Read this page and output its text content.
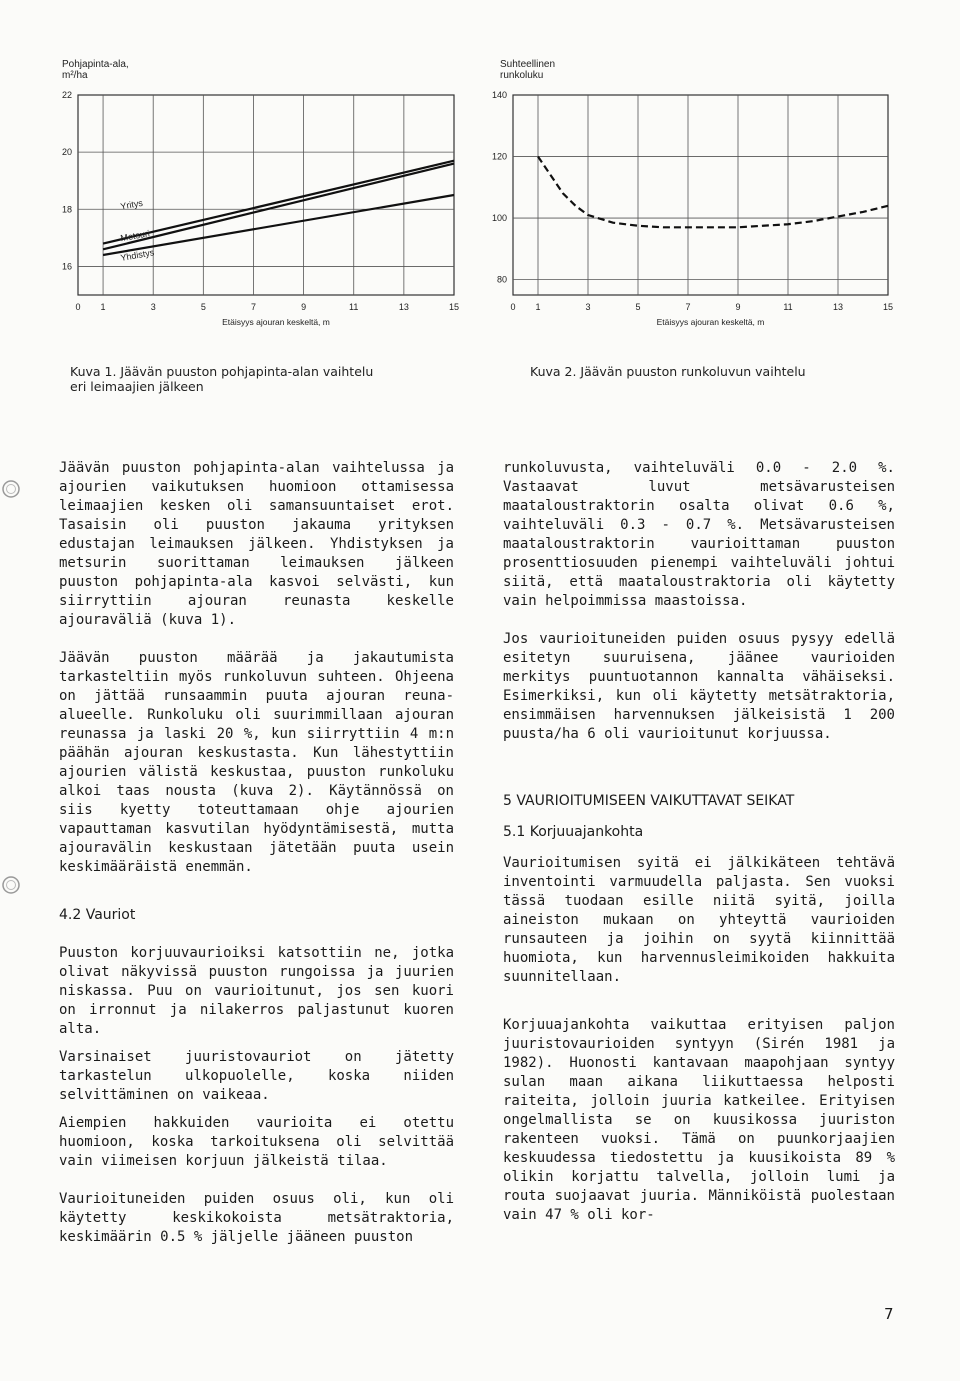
Pohjapinta-ala, m²/ha
0 1	3	5	7	9	11	13	15
16
18
20
22
Etäisyys ajouran keskeltä, m
Yritys
Metsuri
Yhdistys
Kuva 1. Jäävän puuston pohjapinta-alan vaihtelu
eri leimaajien jälkeen
Suhteellinen runkoluku
0 1	3	5	7	9	11	13	15
80
100
120
140
Etäisyys ajouran keskeltä, m
Kuva 2. Jäävän puuston runkoluvun vaihtelu

Jäävän puuston pohjapinta-alan vaihtelussa ja ajourien vaikutuksen huomioon ottamisessa leimaajien kesken oli samansuuntaiset erot. Tasaisin oli puuston jakauma yrityksen edustajan leimauksen jälkeen. Yhdistyksen ja metsurin suorittaman leimauksen jälkeen puuston pohjapinta-ala kasvoi selvästi, kun siirryttiin ajouran reunasta keskelle ajouraväliä (kuva 1).

Jäävän puuston määrää ja jakautumista tarkasteltiin myös runkoluvun suhteen. Ohjeena on jättää runsaammin puuta ajouran reuna-alueelle. Runkoluku oli suurimmillaan ajouran reunassa ja laski 20 %, kun siirryttiin 4 m:n päähän ajouran keskustasta. Kun lähestyttiin ajourien välistä keskustaa, puuston runkoluku alkoi taas nousta (kuva 2). Käytännössä on siis kyetty toteuttamaan ohje ajourien vapauttaman kasvutilan hyödyntämisestä, mutta ajouravälin keskustaan jätetään puuta usein keskimääräistä enemmän.

4.2 Vauriot

Puuston korjuuvaurioiksi katsottiin ne, jotka olivat näkyvissä puuston rungoissa ja juurien niskassa. Puu on vaurioitunut, jos sen kuori on irronnut ja nilakerros paljastunut kuoren alta.

Varsinaiset juuristovauriot on jätetty tarkastelun ulkopuolelle, koska niiden selvittäminen on vaikeaa.

Aiempien hakkuiden vaurioita ei otettu huomioon, koska tarkoituksena oli selvittää vain viimeisen korjuun jälkeistä tilaa.

Vaurioituneiden puiden osuus oli, kun oli käytetty keskikokoista metsätraktoria, keskimäärin 0.5 % jäljelle jääneen puuston

runkoluvusta, vaihteluväli 0.0 - 2.0 %. Vastaavat luvut metsävarusteisen maataloustraktorin osalta olivat 0.6 %, vaihteluväli 0.3 - 0.7 %. Metsävarusteisen maataloustraktorin vaurioittaman puuston prosenttiosuuden pienempi vaihteluväli johtui siitä, että maataloustraktoria oli käytetty vain helpoimmissa maastoissa.

Jos vaurioituneiden puiden osuus pysyy edellä esitetyn suuruisena, jäänee vaurioiden merkitys puuntuotannon kannalta vähäiseksi. Esimerkiksi, kun oli käytetty metsätraktoria, ensimmäisen harvennuksen jälkeisistä 1 200 puusta/ha 6 oli vaurioitunut korjuussa.

5 VAURIOITUMISEEN VAIKUTTAVAT SEIKAT
5.1 Korjuuajankohta

Vaurioitumisen syitä ei jälkikäteen tehtävä inventointi varmuudella paljasta. Sen vuoksi tässä tuodaan esille niitä syitä, joilla aineiston mukaan on yhteyttä vaurioiden runsauteen ja joihin on syytä kiinnittää huomiota, kun harvennusleimikoiden hakkuita suunnitellaan.

Korjuuajankohta vaikuttaa erityisen paljon juuristovaurioiden syntyyn (Sirén 1981 ja 1982). Huonosti kantavaan maapohjaan syntyy sulan maan aikana liikuttaessa helposti raiteita, jolloin juuria katkeilee. Erityisen ongelmallista se on kuusikossa juuriston rakenteen vuoksi. Tämä on puunkorjaajien keskuudessa tiedostettu ja kuusikoista 89 % olikin korjattu talvella, jolloin lumi ja routa suojaavat juuria. Männiköistä puolestaan vain 47 % oli kor-

7
